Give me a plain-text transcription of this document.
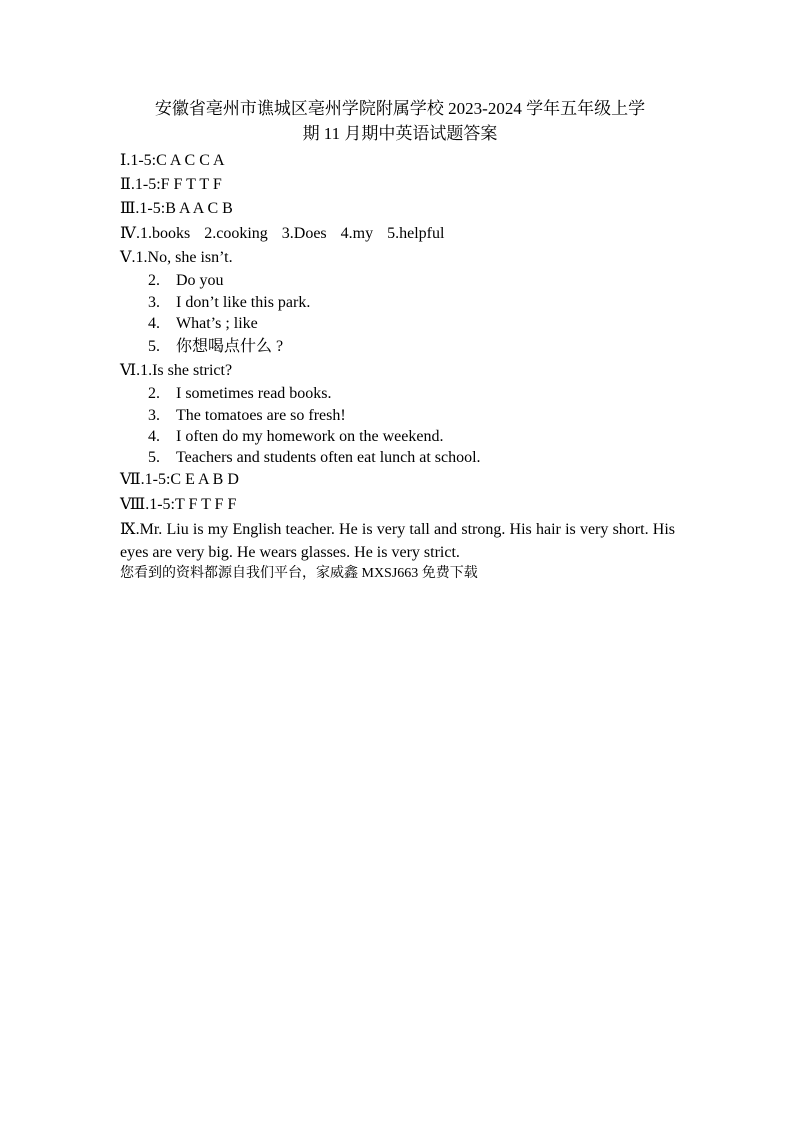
安徽省亳州市谯城区亳州学院附属学校 2023-2024 学年五年级上学
期 11 月期中英语试题答案
Ⅰ.1-5:C A C C A
Ⅱ.1-5:F F T T F
Ⅲ.1-5:B A A C B
Ⅳ.1.books 2.cooking 3.Does 4.my 5.helpful
Ⅴ.1.No, she isn’t.
2. Do you
3. I don’t like this park.
4. What’s ; like
5. 你想喝点什么 ?
Ⅵ.1.Is she strict?
2. I sometimes read books.
3. The tomatoes are so fresh!
4. I often do my homework on the weekend.
5. Teachers and students often eat lunch at school.
Ⅶ.1-5:C E A B D
Ⅷ.1-5:T F T F F
Ⅸ.Mr. Liu is my English teacher. He is very tall and strong. His hair is very short. His eyes are very big. He wears glasses. He is very strict.
您看到的资料都源自我们平台，家威鑫 MXSJ663 免费下载
